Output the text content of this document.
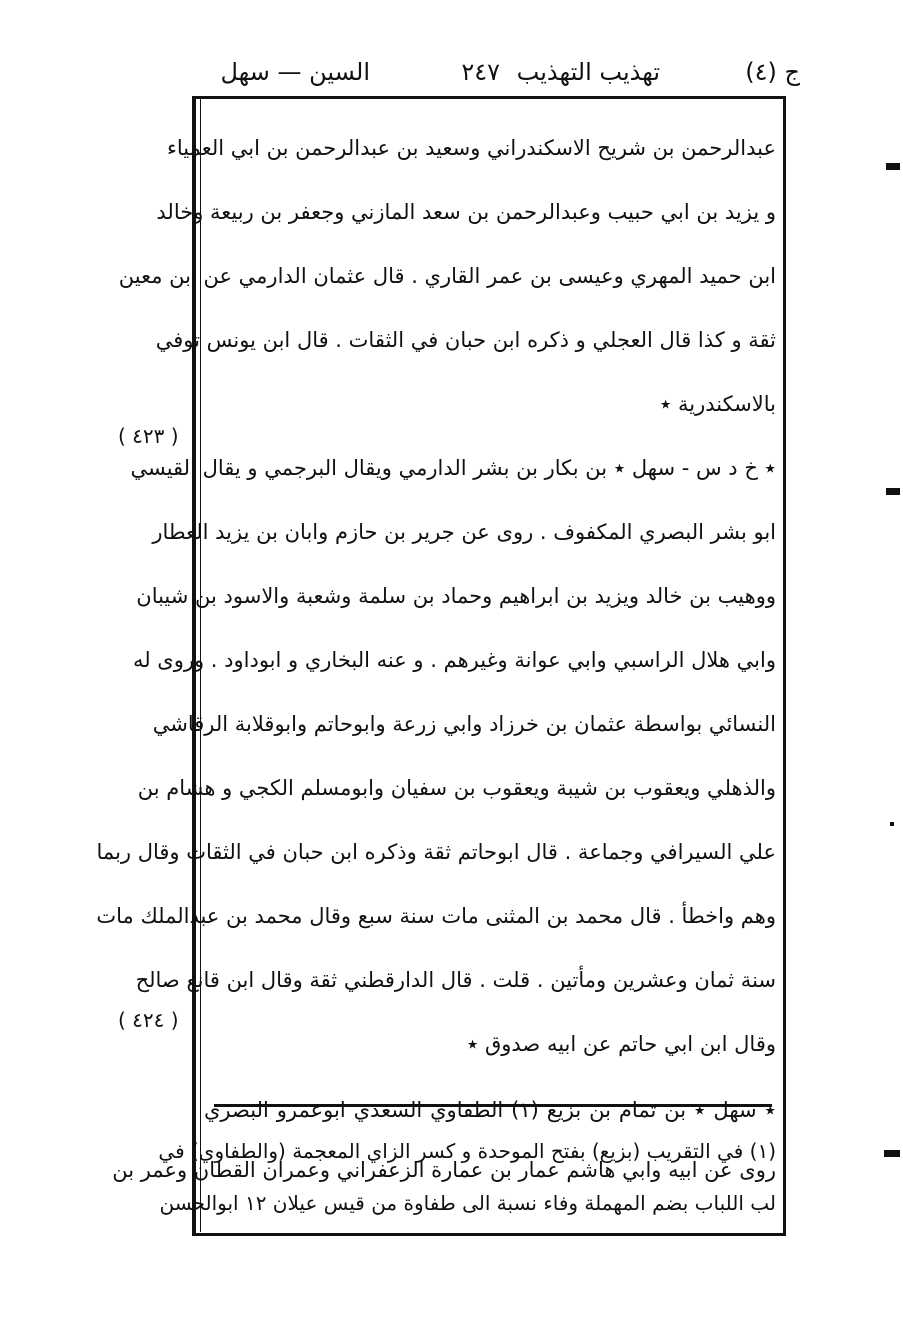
ج (٤)
تهذيب التهذيب
٢٤٧
السين — سهل
عبدالرحمن بن شريح الاسكندراني وسعيد بن عبدالرحمن بن ابي العمياء
و يزيد بن ابي حبيب وعبدالرحمن بن سعد المازني وجعفر بن ربيعة وخالد
ابن حميد المهري وعيسى بن عمر القاري . قال عثمان الدارمي عن ابن معين
ثقة و كذا قال العجلي و ذكره ابن حبان في الثقات . قال ابن يونس توفي
بالاسكندرية ٭
٭ خ د س - سهل ٭ بن بكار بن بشر الدارمي ويقال البرجمي و يقال القيسي
ابو بشر البصري المكفوف . روى عن جرير بن حازم وابان بن يزيد العطار
ووهيب بن خالد ويزيد بن ابراهيم وحماد بن سلمة وشعبة والاسود بن شيبان
وابي هلال الراسبي وابي عوانة وغيرهم . و عنه البخاري و ابوداود . وروى له
النسائي بواسطة عثمان بن خرزاد وابي زرعة وابوحاتم وابوقلابة الرقاشي
والذهلي ويعقوب بن شيبة ويعقوب بن سفيان وابومسلم الكجي و هشام بن
علي السيرافي وجماعة . قال ابوحاتم ثقة وذكره ابن حبان في الثقات وقال ربما
وهم واخطأ . قال محمد بن المثنى مات سنة سبع وقال محمد بن عبدالملك مات
سنة ثمان وعشرين ومأتين . قلت . قال الدارقطني ثقة وقال ابن قانع صالح
وقال ابن ابي حاتم عن ابيه صدوق ٭
٭ سهل ٭ بن تمام بن بزيع (١) الطفاوي السعدي ابوعمرو البصري
روى عن ابيه وابي هاشم عمار بن عمارة الزعفراني وعمران القطان وعمر بن
( ٤٢٣ )
( ٤٢٤ )
(١) في التقريب (بزيع) بفتح الموحدة و كسر الزاي المعجمة (والطفاوي) في
لب اللباب بضم المهملة وفاء نسبة الى طفاوة من قيس عيلان ١٢ ابوالحسن
